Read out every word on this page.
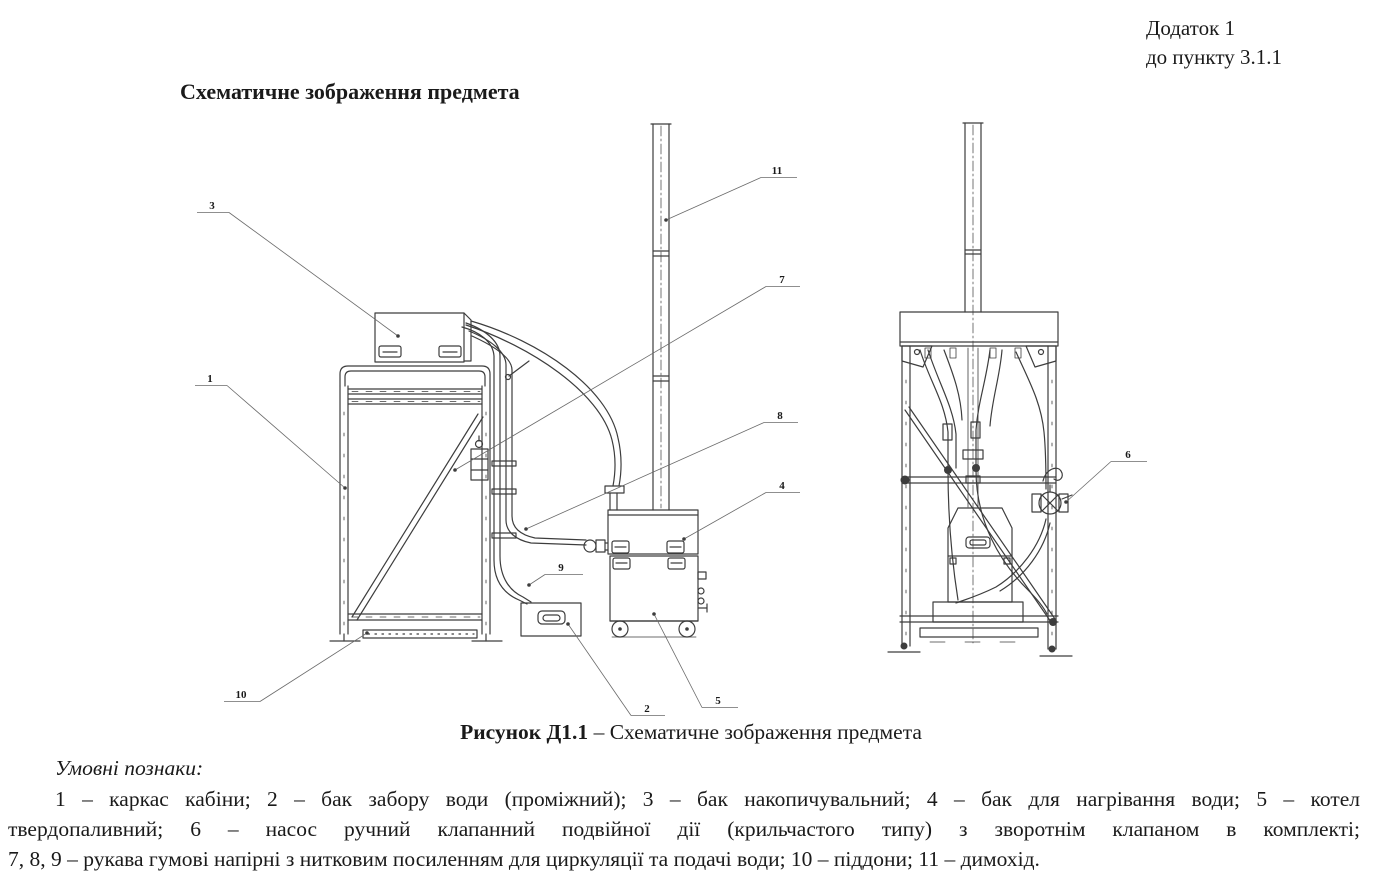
Додаток 1
до пункту 3.1.1
Схематичне зображення предмета
3
1
10
11
7
8
4
9
2
5
6
Рисунок Д1.1 – Схематичне зображення предмета
Умовні познаки:
1 – каркас кабіни; 2 – бак забору води (проміжний); 3 – бак накопичувальний; 4 – бак для нагрівання води; 5 – котел
твердопаливний; 6 – насос ручний клапанний подвійної дії (крильчастого типу) з зворотнім клапаном в комплекті;
7, 8, 9 – рукава гумові напірні з нитковим посиленням для циркуляції та подачі води; 10 – піддони; 11 – димохід.
